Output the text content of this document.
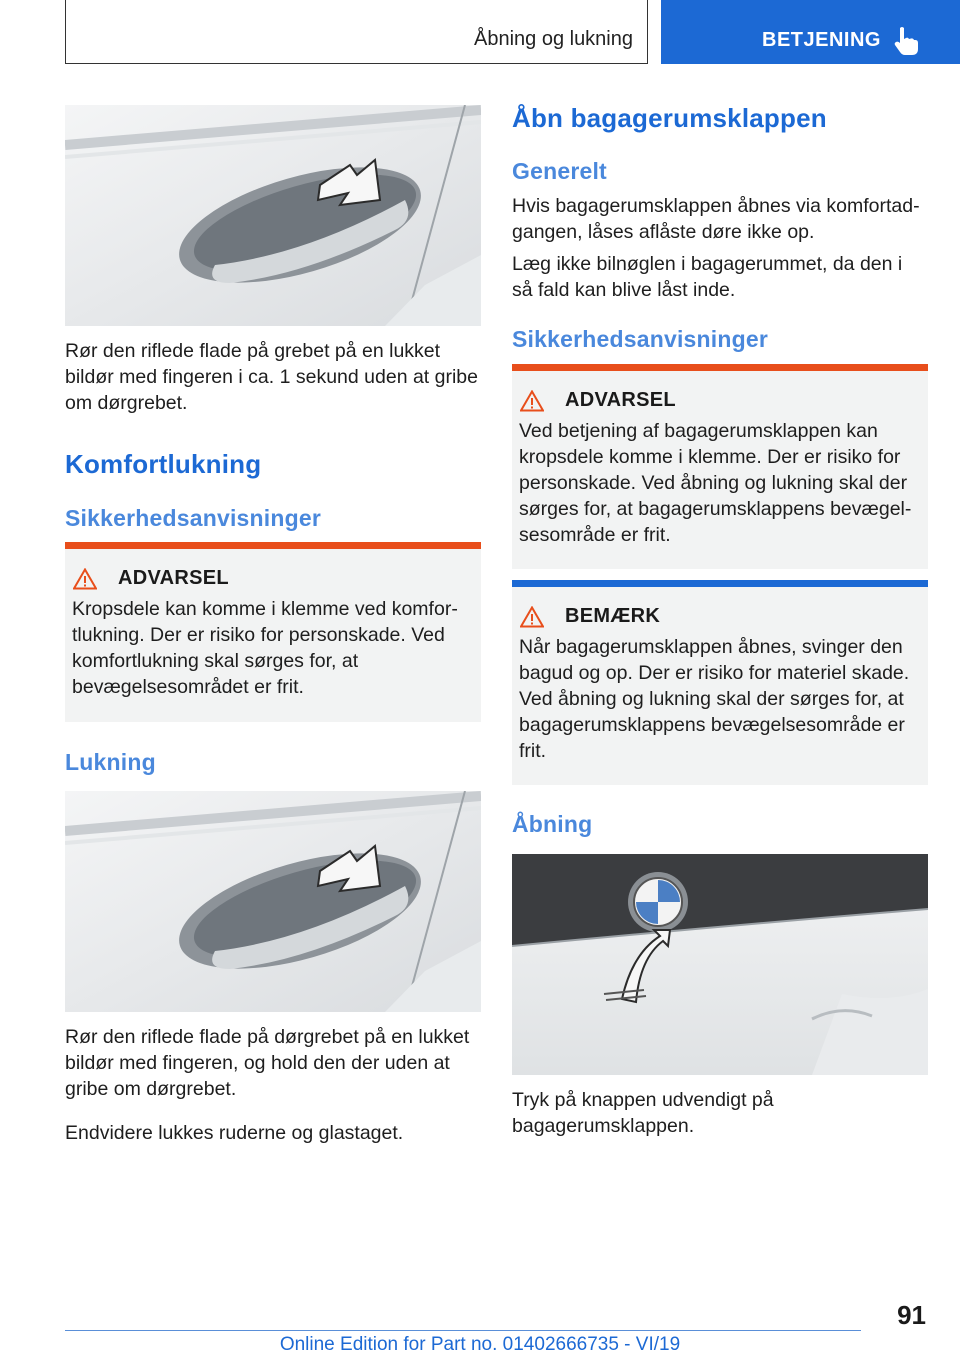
Åbning og lukning	BETJENING

Rør den riflede flade på grebet på en lukket bildør med fingeren i ca. 1 sekund uden at gribe om dørgrebet.

Komfortlukning
Sikkerhedsanvisninger
ADVARSEL
Kropsdele kan komme i klemme ved komfortlukning. Der er risiko for personskade. Ved komfortlukning skal sørges for, at bevægelsesområdet er frit.
Lukning

Rør den riflede flade på dørgrebet på en lukket bildør med fingeren, og hold den der uden at gribe om dørgrebet.

Endvidere lukkes ruderne og glastaget.

Åbn bagagerumsklappen
Generelt

Hvis bagagerumsklappen åbnes via komfortadgangen, låses aflåste døre ikke op.

Læg ikke bilnøglen i bagagerummet, da den i så fald kan blive låst inde.

Sikkerhedsanvisninger
ADVARSEL
Ved betjening af bagagerumsklappen kan kropsdele komme i klemme. Der er risiko for personskade. Ved åbning og lukning skal der sørges for, at bagagerumsklappens bevægelsesområde er frit.
BEMÆRK
Når bagagerumsklappen åbnes, svinger den bagud og op. Der er risiko for materiel skade. Ved åbning og lukning skal der sørges for, at bagagerumsklappens bevægelsesområde er frit.
Åbning

Tryk på knappen udvendigt på bagagerumsklappen.

91
Online Edition for Part no. 01402666735 - VI/19
